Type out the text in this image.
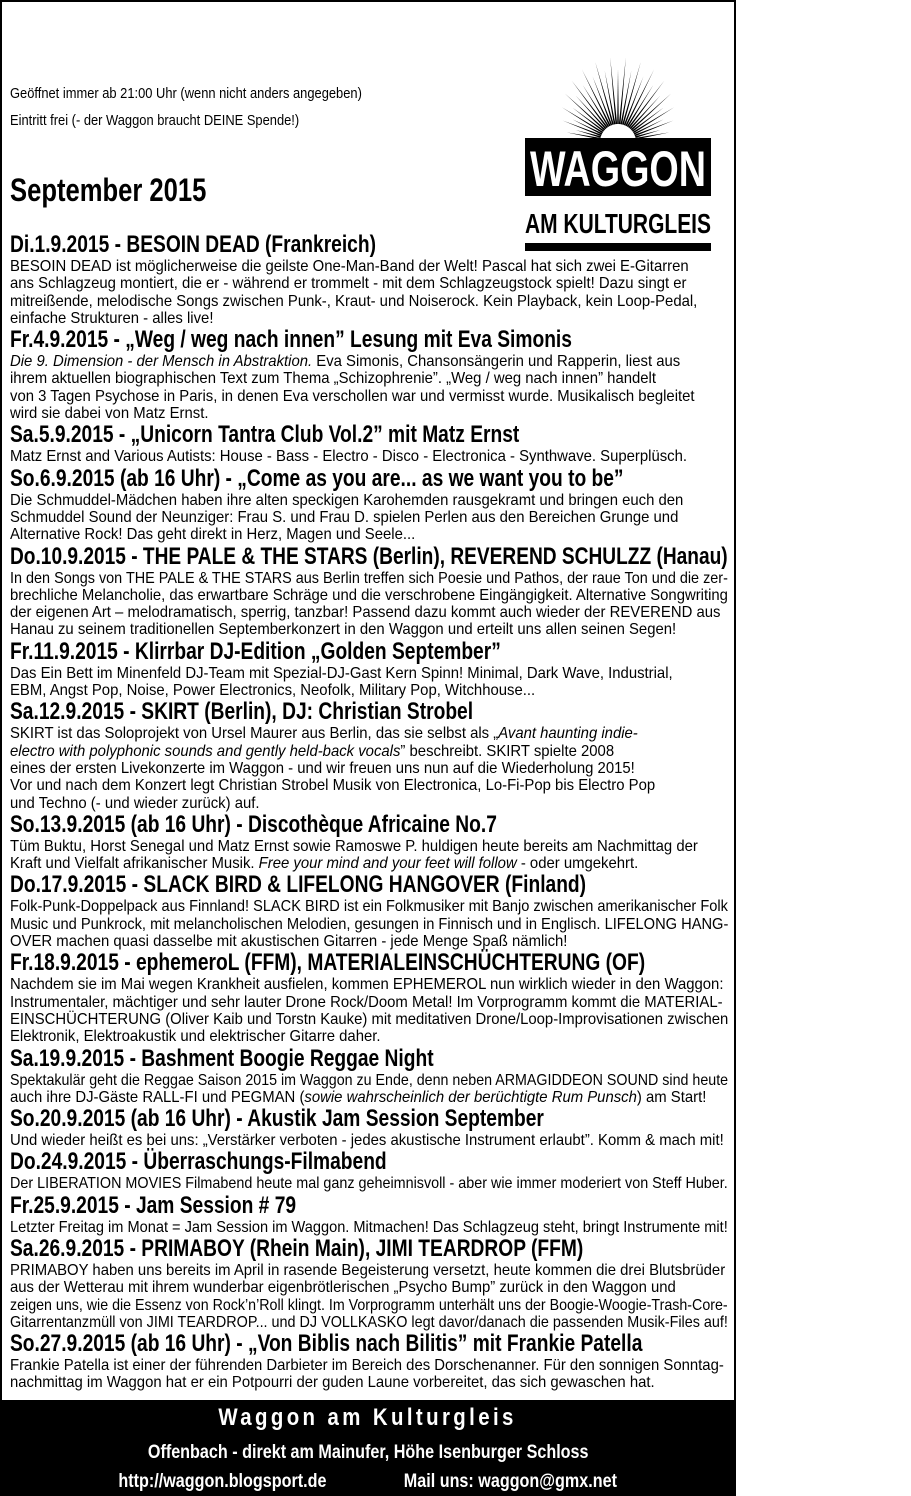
Geöffnet immer ab 21:00 Uhr (wenn nicht anders angegeben)
Eintritt frei (- der Waggon braucht DEINE Spende!)
WAGGON
AM KULTURGLEIS
September 2015
Di.1.9.2015 - BESOIN DEAD (Frankreich)
BESOIN DEAD ist möglicherweise die geilste One-Man-Band der Welt! Pascal hat sich zwei E-Gitarren
ans Schlagzeug montiert, die er - während er trommelt - mit dem Schlagzeugstock spielt! Dazu singt er
mitreißende, melodische Songs zwischen Punk-, Kraut- und Noiserock. Kein Playback, kein Loop-Pedal,
einfache Strukturen - alles live!
Fr.4.9.2015 - „Weg / weg nach innen” Lesung mit Eva Simonis
Die 9. Dimension - der Mensch in Abstraktion. Eva Simonis, Chansonsängerin und Rapperin, liest aus
ihrem aktuellen biographischen Text zum Thema „Schizophrenie”. „Weg / weg nach innen” handelt
von 3 Tagen Psychose in Paris, in denen Eva verschollen war und vermisst wurde. Musikalisch begleitet
wird sie dabei von Matz Ernst.
Sa.5.9.2015 - „Unicorn Tantra Club Vol.2” mit Matz Ernst
Matz Ernst and Various Autists: House - Bass - Electro - Disco - Electronica - Synthwave. Superplüsch.
So.6.9.2015 (ab 16 Uhr) - „Come as you are... as we want you to be”
Die Schmuddel-Mädchen haben ihre alten speckigen Karohemden rausgekramt und bringen euch den
Schmuddel Sound der Neunziger: Frau S. und Frau D. spielen Perlen aus den Bereichen Grunge und
Alternative Rock! Das geht direkt in Herz, Magen und Seele...
Do.10.9.2015 - THE PALE & THE STARS (Berlin), REVEREND SCHULZZ (Hanau)
In den Songs von THE PALE & THE STARS aus Berlin treffen sich Poesie und Pathos, der raue Ton und die zer-
brechliche Melancholie, das erwartbare Schräge und die verschrobene Eingängigkeit. Alternative Songwriting
der eigenen Art – melodramatisch, sperrig, tanzbar! Passend dazu kommt auch wieder der REVEREND aus
Hanau zu seinem traditionellen Septemberkonzert in den Waggon und erteilt uns allen seinen Segen!
Fr.11.9.2015 - Klirrbar DJ-Edition „Golden September”
Das Ein Bett im Minenfeld DJ-Team mit Spezial-DJ-Gast Kern Spinn! Minimal, Dark Wave, Industrial,
EBM, Angst Pop, Noise, Power Electronics, Neofolk, Military Pop, Witchhouse...
Sa.12.9.2015 - SKIRT (Berlin), DJ: Christian Strobel
SKIRT ist das Soloprojekt von Ursel Maurer aus Berlin, das sie selbst als „Avant haunting indie-
electro with polyphonic sounds and gently held-back vocals” beschreibt. SKIRT spielte 2008
eines der ersten Livekonzerte im Waggon - und wir freuen uns nun auf die Wiederholung 2015!
Vor und nach dem Konzert legt Christian Strobel Musik von Electronica, Lo-Fi-Pop bis Electro Pop
und Techno (- und wieder zurück) auf.
So.13.9.2015 (ab 16 Uhr) - Discothèque Africaine No.7
Tüm Buktu, Horst Senegal und Matz Ernst sowie Ramoswe P. huldigen heute bereits am Nachmittag der
Kraft und Vielfalt afrikanischer Musik. Free your mind and your feet will follow - oder umgekehrt.
Do.17.9.2015 - SLACK BIRD & LIFELONG HANGOVER (Finland)
Folk-Punk-Doppelpack aus Finnland! SLACK BIRD ist ein Folkmusiker mit Banjo zwischen amerikanischer Folk
Music und Punkrock, mit melancholischen Melodien, gesungen in Finnisch und in Englisch. LIFELONG HANG-
OVER machen quasi dasselbe mit akustischen Gitarren - jede Menge Spaß nämlich!
Fr.18.9.2015 - ephemeroL (FFM), MATERIALEINSCHÜCHTERUNG (OF)
Nachdem sie im Mai wegen Krankheit ausfielen, kommen EPHEMEROL nun wirklich wieder in den Waggon:
Instrumentaler, mächtiger und sehr lauter Drone Rock/Doom Metal! Im Vorprogramm kommt die MATERIAL-
EINSCHÜCHTERUNG (Oliver Kaib und Torstn Kauke) mit meditativen Drone/Loop-Improvisationen zwischen
Elektronik, Elektroakustik und elektrischer Gitarre daher.
Sa.19.9.2015 - Bashment Boogie Reggae Night
Spektakulär geht die Reggae Saison 2015 im Waggon zu Ende, denn neben ARMAGIDDEON SOUND sind heute
auch ihre DJ-Gäste RALL-FI und PEGMAN (sowie wahrscheinlich der berüchtigte Rum Punsch) am Start!
So.20.9.2015 (ab 16 Uhr) - Akustik Jam Session September
Und wieder heißt es bei uns: „Verstärker verboten - jedes akustische Instrument erlaubt”. Komm & mach mit!
Do.24.9.2015 - Überraschungs-Filmabend
Der LIBERATION MOVIES Filmabend heute mal ganz geheimnisvoll - aber wie immer moderiert von Steff Huber.
Fr.25.9.2015 - Jam Session # 79
Letzter Freitag im Monat = Jam Session im Waggon. Mitmachen! Das Schlagzeug steht, bringt Instrumente mit!
Sa.26.9.2015 - PRIMABOY (Rhein Main), JIMI TEARDROP (FFM)
PRIMABOY haben uns bereits im April in rasende Begeisterung versetzt, heute kommen die drei Blutsbrüder
aus der Wetterau mit ihrem wunderbar eigenbrötlerischen „Psycho Bump” zurück in den Waggon und
zeigen uns, wie die Essenz von Rock’n’Roll klingt. Im Vorprogramm unterhält uns der Boogie-Woogie-Trash-Core-
Gitarrentanzmüll von JIMI TEARDROP... und DJ VOLLKASKO legt davor/danach die passenden Musik-Files auf!
So.27.9.2015 (ab 16 Uhr) - „Von Biblis nach Bilitis” mit Frankie Patella
Frankie Patella ist einer der führenden Darbieter im Bereich des Dorschenanner. Für den sonnigen Sonntag-
nachmittag im Waggon hat er ein Potpourri der guden Laune vorbereitet, das sich gewaschen hat.
Waggon am Kulturgleis
Offenbach - direkt am Mainufer, Höhe Isenburger Schloss
http://waggon.blogsport.de	Mail uns: waggon@gmx.net
